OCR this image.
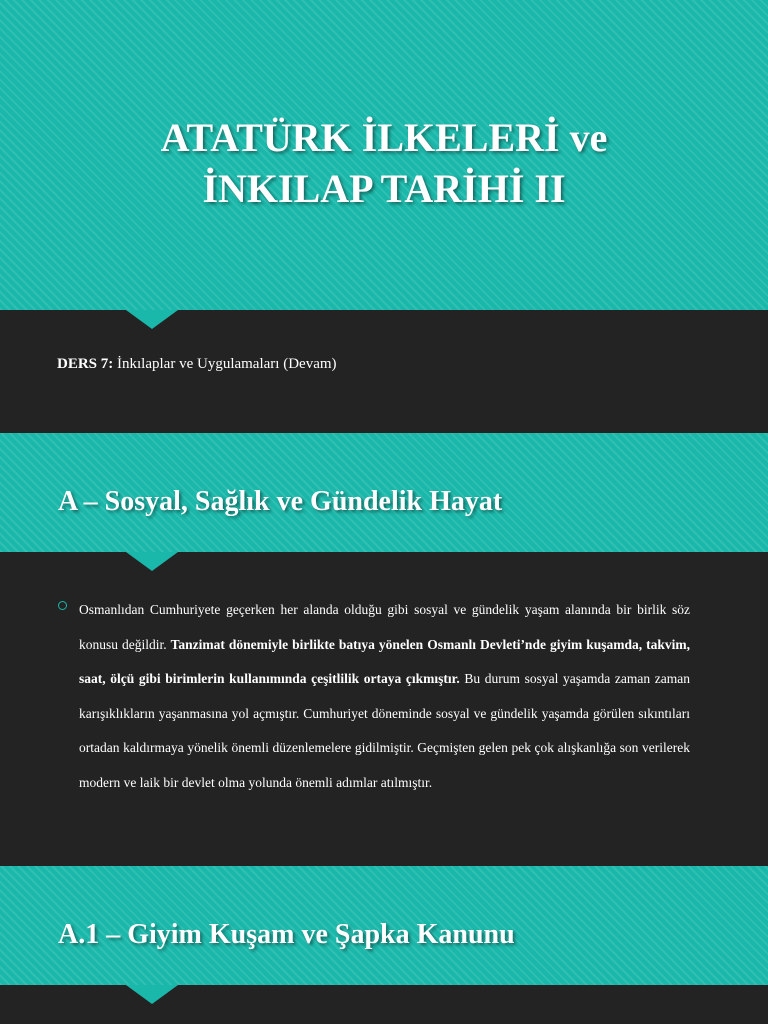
ATATÜRK İLKELERİ ve
İNKILAP TARİHİ II
DERS 7: İnkılaplar ve Uygulamaları (Devam)
A – Sosyal, Sağlık ve Gündelik Hayat
Osmanlıdan Cumhuriyete geçerken her alanda olduğu gibi sosyal ve gündelik yaşam alanında bir birlik söz konusu değildir. Tanzimat dönemiyle birlikte batıya yönelen Osmanlı Devleti’nde giyim kuşamda, takvim, saat, ölçü gibi birimlerin kullanımında çeşitlilik ortaya çıkmıştır. Bu durum sosyal yaşamda zaman zaman karışıklıkların yaşanmasına yol açmıştır. Cumhuriyet döneminde sosyal ve gündelik yaşamda görülen sıkıntıları ortadan kaldırmaya yönelik önemli düzenlemelere gidilmiştir. Geçmişten gelen pek çok alışkanlığa son verilerek modern ve laik bir devlet olma yolunda önemli adımlar atılmıştır.
A.1 – Giyim Kuşam ve Şapka Kanunu
